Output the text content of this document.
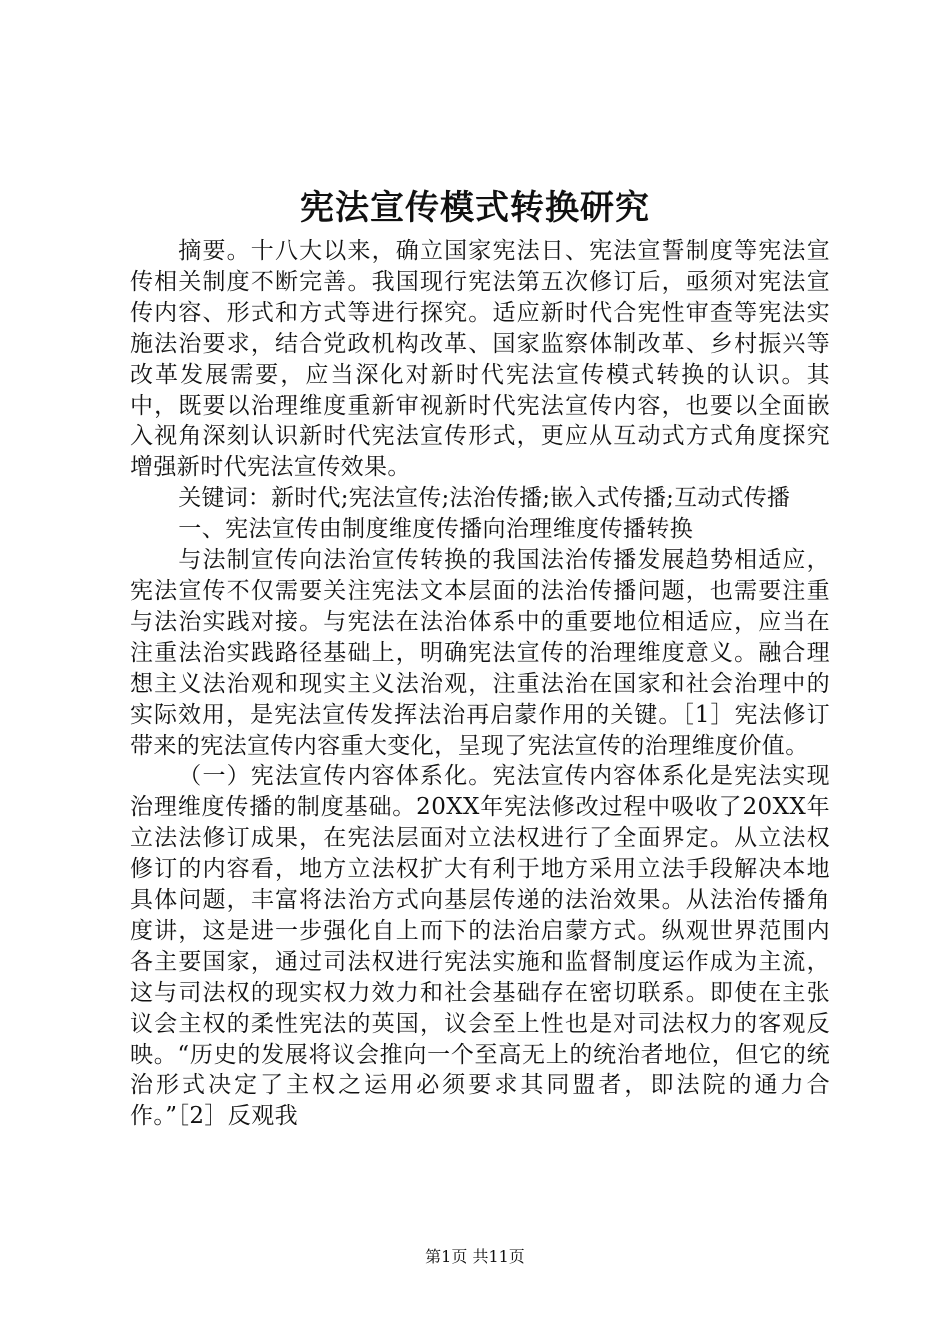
宪法宣传模式转换研究

摘要。十八大以来，确立国家宪法日、宪法宣誓制度等宪法宣传相关制度不断完善。我国现行宪法第五次修订后，亟须对宪法宣传内容、形式和方式等进行探究。适应新时代合宪性审查等宪法实施法治要求，结合党政机构改革、国家监察体制改革、乡村振兴等改革发展需要，应当深化对新时代宪法宣传模式转换的认识。其中，既要以治理维度重新审视新时代宪法宣传内容，也要以全面嵌入视角深刻认识新时代宪法宣传形式，更应从互动式方式角度探究增强新时代宪法宣传效果。

关键词：新时代;宪法宣传;法治传播;嵌入式传播;互动式传播

一、宪法宣传由制度维度传播向治理维度传播转换

与法制宣传向法治宣传转换的我国法治传播发展趋势相适应，宪法宣传不仅需要关注宪法文本层面的法治传播问题，也需要注重与法治实践对接。与宪法在法治体系中的重要地位相适应，应当在注重法治实践路径基础上，明确宪法宣传的治理维度意义。融合理想主义法治观和现实主义法治观，注重法治在国家和社会治理中的实际效用，是宪法宣传发挥法治再启蒙作用的关键。［1］宪法修订带来的宪法宣传内容重大变化，呈现了宪法宣传的治理维度价值。

（一）宪法宣传内容体系化。宪法宣传内容体系化是宪法实现治理维度传播的制度基础。20XX年宪法修改过程中吸收了20XX年立法法修订成果，在宪法层面对立法权进行了全面界定。从立法权修订的内容看，地方立法权扩大有利于地方采用立法手段解决本地具体问题，丰富将法治方式向基层传递的法治效果。从法治传播角度讲，这是进一步强化自上而下的法治启蒙方式。纵观世界范围内各主要国家，通过司法权进行宪法实施和监督制度运作成为主流，这与司法权的现实权力效力和社会基础存在密切联系。即使在主张议会主权的柔性宪法的英国，议会至上性也是对司法权力的客观反映。“历史的发展将议会推向一个至高无上的统治者地位，但它的统治形式决定了主权之运用必须要求其同盟者，即法院的通力合作。”［2］反观我

第1页 共11页
